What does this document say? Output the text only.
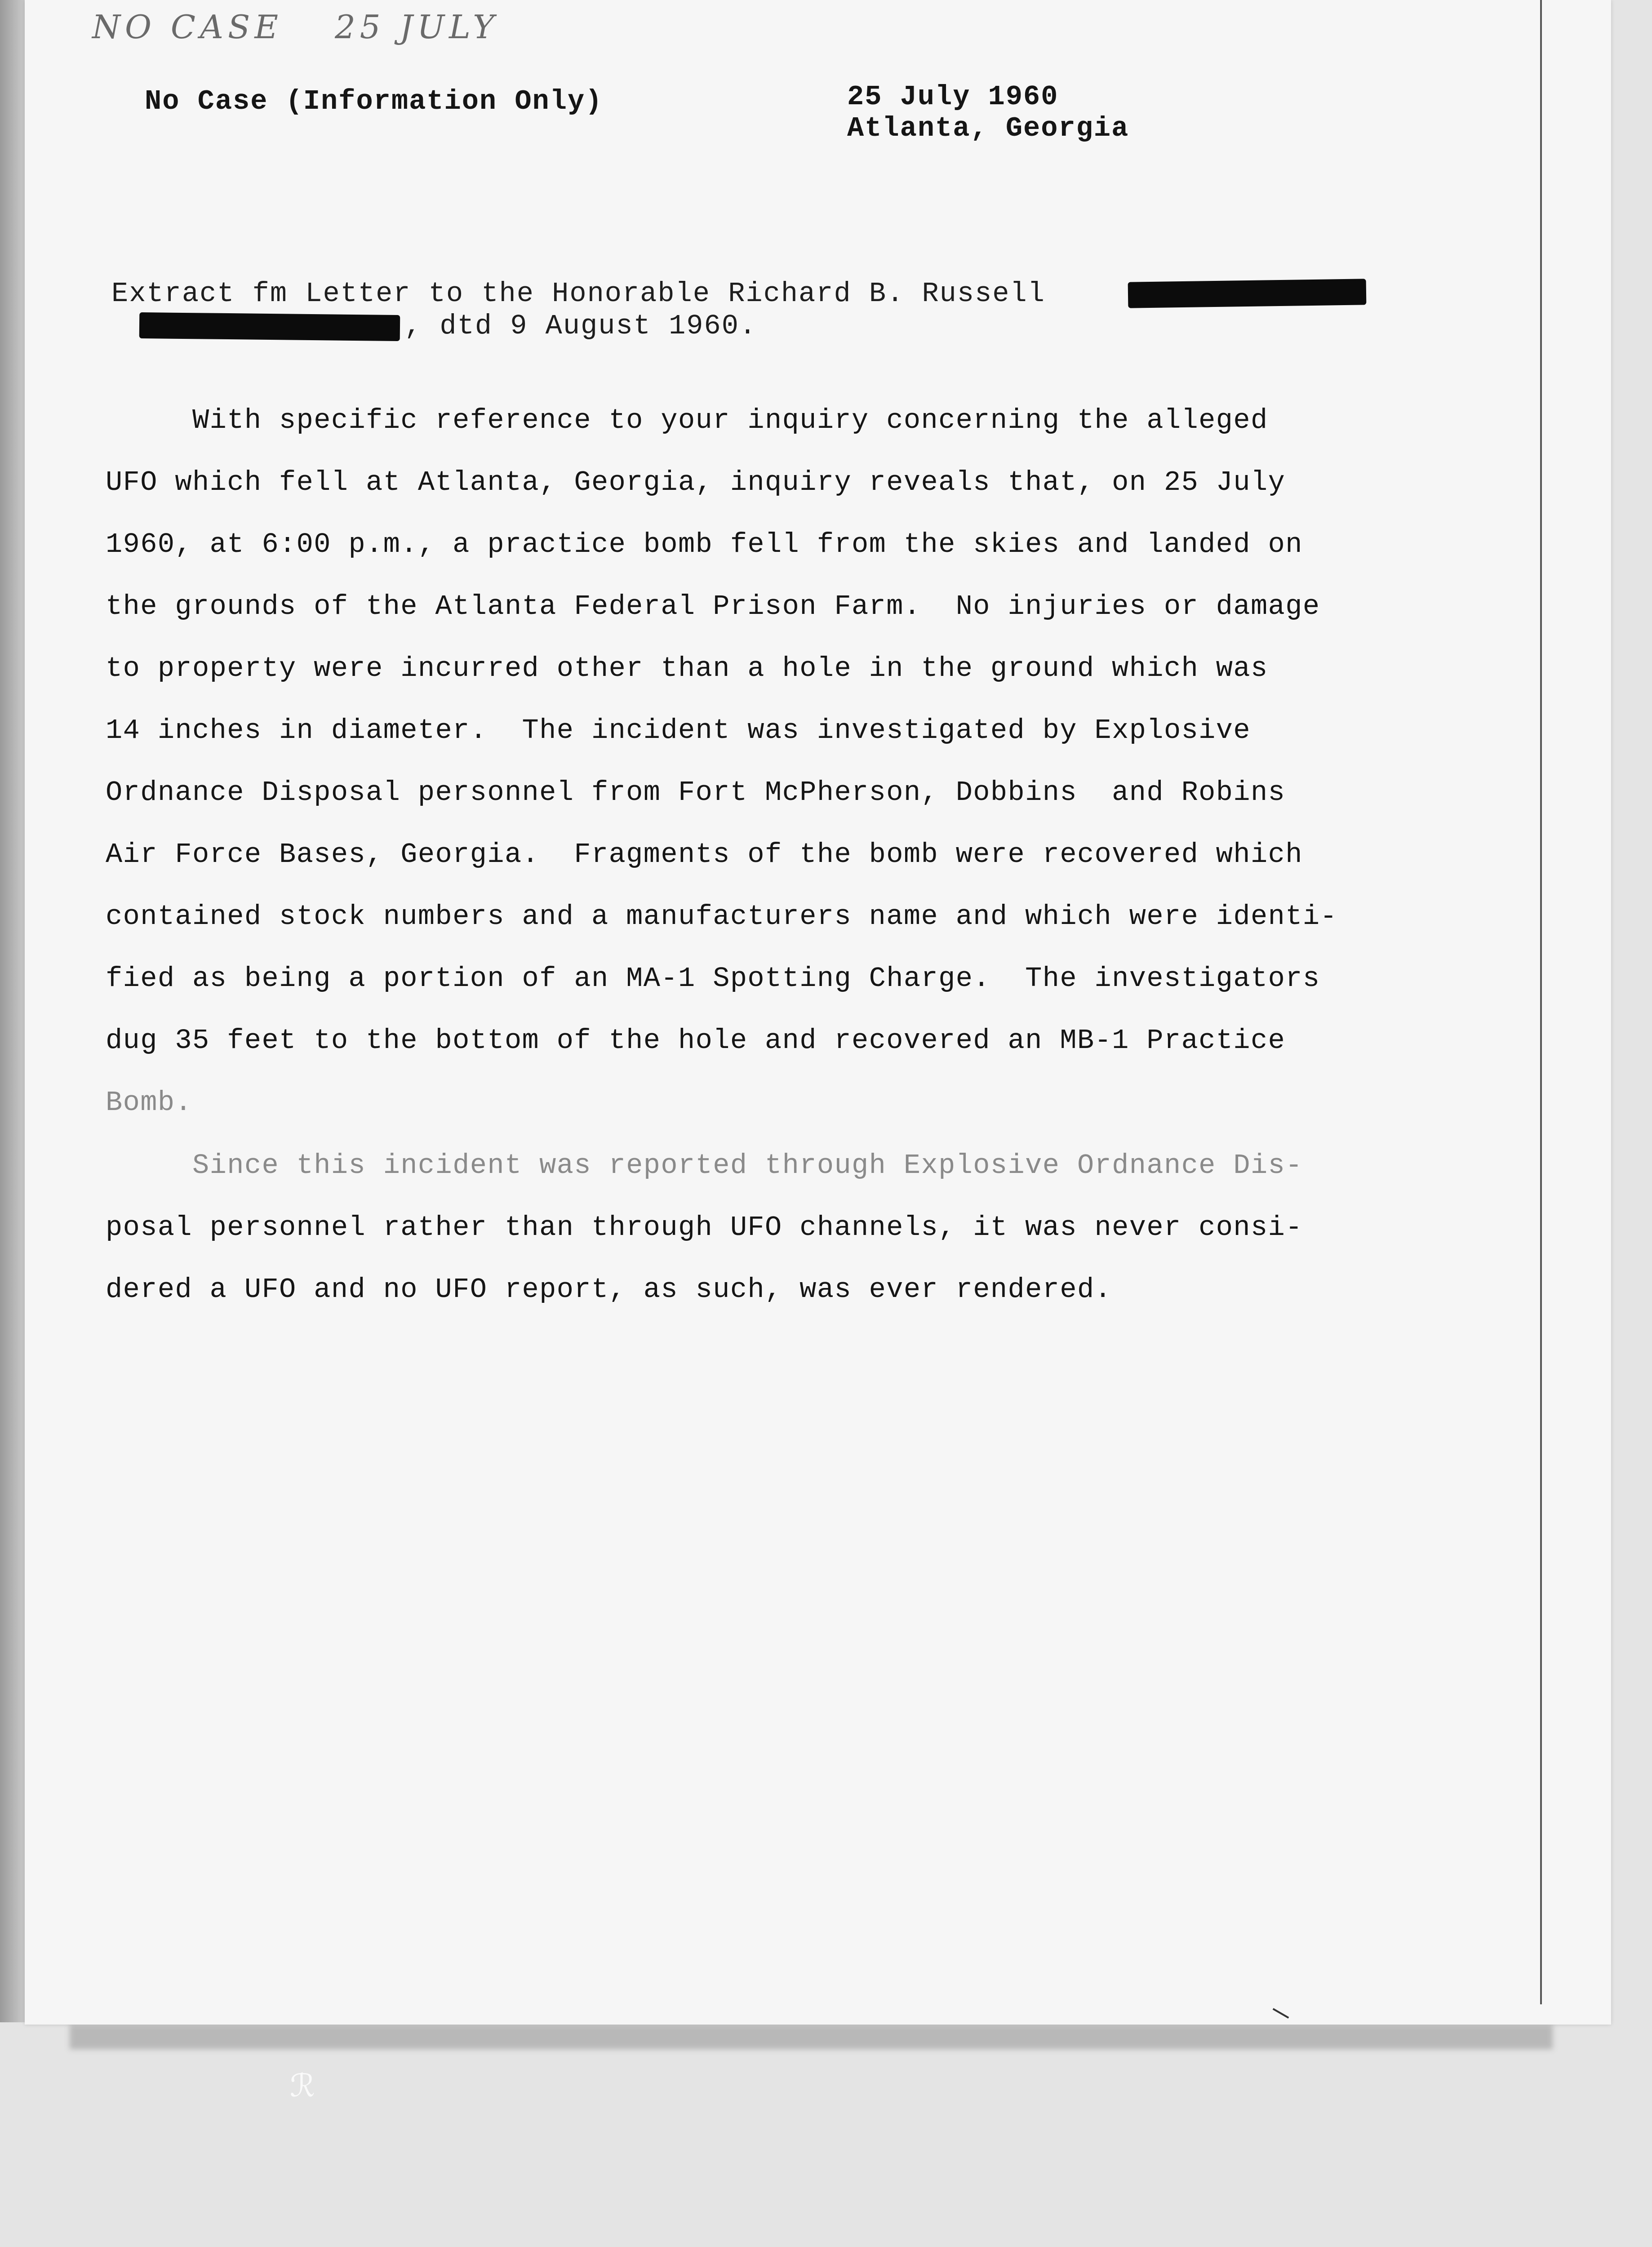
NO CASE 25 JULY
No Case (Information Only)	25 July 1960
Atlanta, Georgia
Extract fm Letter to the Honorable Richard B. Russell
, dtd 9 August 1960.
With specific reference to your inquiry concerning the alleged
UFO which fell at Atlanta, Georgia, inquiry reveals that, on 25 July
1960, at 6:00 p.m., a practice bomb fell from the skies and landed on
the grounds of the Atlanta Federal Prison Farm.  No injuries or damage
to property were incurred other than a hole in the ground which was
14 inches in diameter.  The incident was investigated by Explosive
Ordnance Disposal personnel from Fort McPherson, Dobbins  and Robins
Air Force Bases, Georgia.  Fragments of the bomb were recovered which
contained stock numbers and a manufacturers name and which were identi-
fied as being a portion of an MA-1 Spotting Charge.  The investigators
dug 35 feet to the bottom of the hole and recovered an MB-1 Practice
Bomb.
Since this incident was reported through Explosive Ordnance Dis-
posal personnel rather than through UFO channels, it was never consi-
dered a UFO and no UFO report, as such, was ever rendered.
ℛ
